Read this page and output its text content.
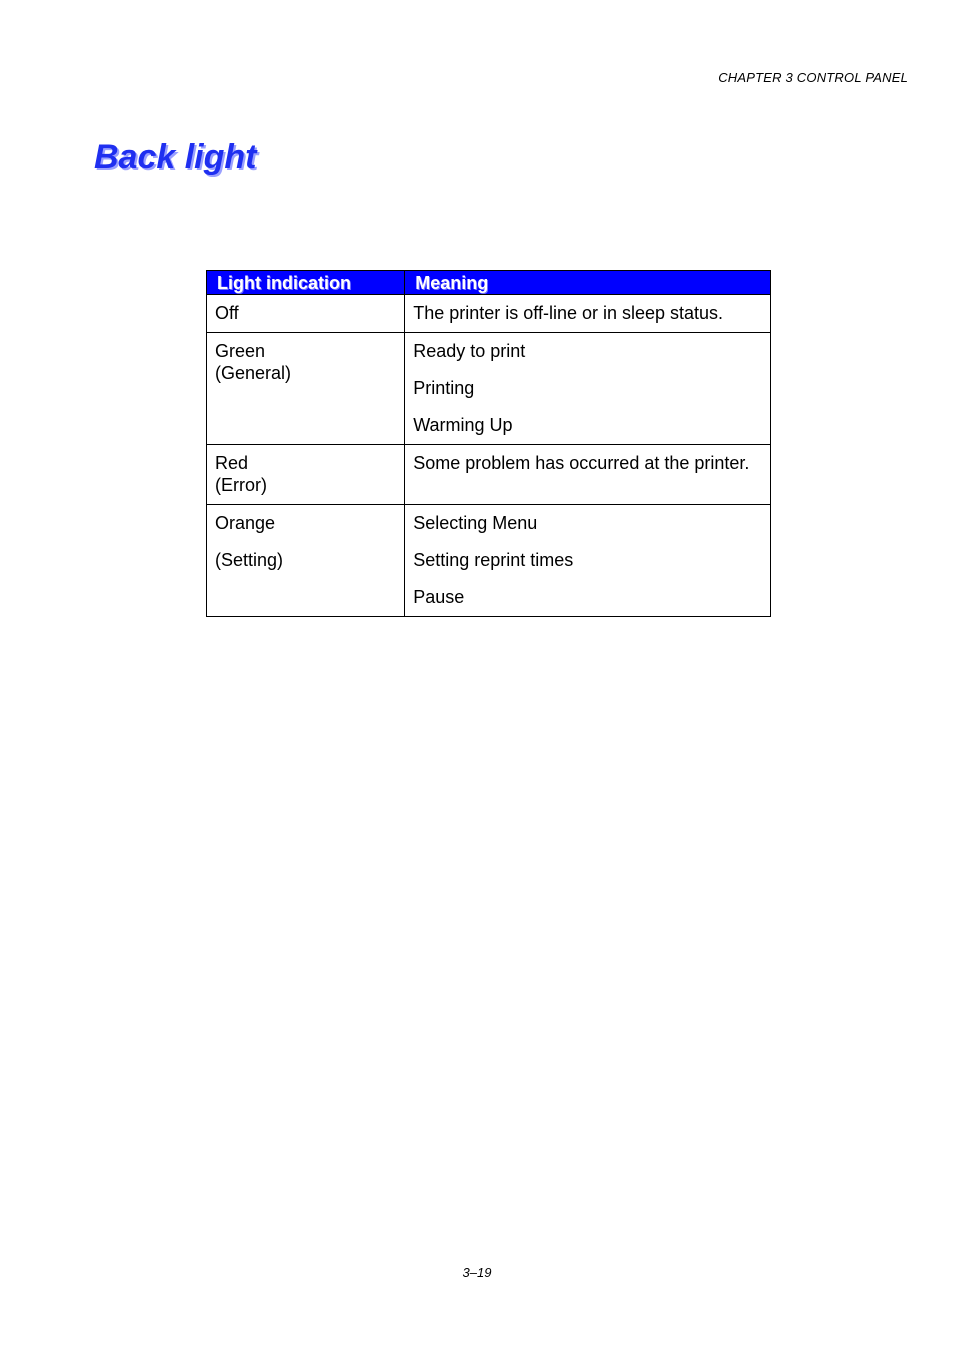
CHAPTER 3 CONTROL PANEL
Back light
Light indication	Meaning

Off	The printer is off-line or in sleep status.

Green
(General)	Ready to print
Printing
Warming Up

Red
(Error)	Some problem has occurred at the printer.

Orange
(Setting)	Selecting Menu
Setting reprint times
Pause
3–19
